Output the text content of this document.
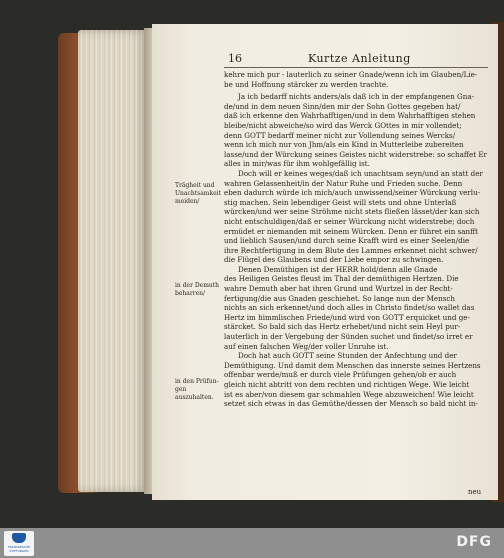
16	Kurtze Anleitung
kehre mich pur - lauterlich zu seiner Gnade/wenn ich im Glauben/Lie-
be und Hoffnung stärcker zu werden trachte.
Ja ich bedarff nichts anders/als daß ich in der empfangenen Gna-
de/und in dem neuen Sinn/den mir der Sohn Gottes gegeben hat/
daß ich erkenne den Wahrhafftigen/und in dem Wahrhafftigen stehen
bleibe/nicht abweiche/so wird das Werck GOttes in mir vollendet;
denn GOTT bedarff meiner nicht zur Vollendung seines Wercks/
wenn ich mich nur von Jhm/als ein Kind in Mutterleibe zubereiten
lasse/und der Würckung seines Geistes nicht widerstrebe: so schaffet Er
alles in mir/was für ihm wohlgefällig ist.
Doch will er keines weges/daß ich unachtsam seyn/und an statt der
wahren Gelassenheit/in der Natur Ruhe und Frieden suche. Denn
eben dadurch würde ich mich/auch unwissend/seiner Würckung verlu-
stig machen. Sein lebendiger Geist will stets und ohne Unterlaß
würcken/und wer seine Ströhme nicht stets fließen lässet/der kan sich
nicht entschuldigen/daß er seiner Würckung nicht widerstrebe; doch
ermüdet er niemanden mit seinem Würcken. Denn er führet ein sanfft
und lieblich Sausen/und durch seine Krafft wird es einer Seelen/die
ihre Rechtfertigung in dem Blute des Lammes erkennet nicht schwer/
die Flügel des Glaubens und der Liebe empor zu schwingen.
Denen Demüthigen ist der HERR hold/denn alle Gnade
des Heiligen Geistes fleust im Thal der demüthigen Hertzen. Die
wahre Demuth aber hat ihren Grund und Wurtzel in der Recht-
fertigung/die aus Gnaden geschiehet. So lange nun der Mensch
nichts an sich erkennet/und doch alles in Christo findet/so wallet das
Hertz im himmlischen Friede/und wird von GOTT erquicket und ge-
stärcket. So bald sich das Hertz erhebet/und nicht sein Heyl pur-
lauterlich in der Vergebung der Sünden suchet und findet/so irret er
auf einen falschen Weg/der voller Unruhe ist.
Doch hat auch GOTT seine Stunden der Anfechtung und der
Demüthigung. Und damit dem Menschen das innerste seines Hertzens
offenbar werde/muß er durch viele Prüfungen gehen/ob er auch
gleich nicht abtritt von dem rechten und richtigen Wege. Wie leicht
ist es aber/von diesem gar schmahlen Wege abzuweichen! Wie leicht
setzet sich etwas in das Gemüthe/dessen der Mensch so bald nicht in-
Trägheit und
Unachtsamkeit
meiden/
in der Demuth
beharren/
in den Prüfun-
gen auszuhalten.
neu
FRANCKESCHE
STIFTUNGEN
DFG
